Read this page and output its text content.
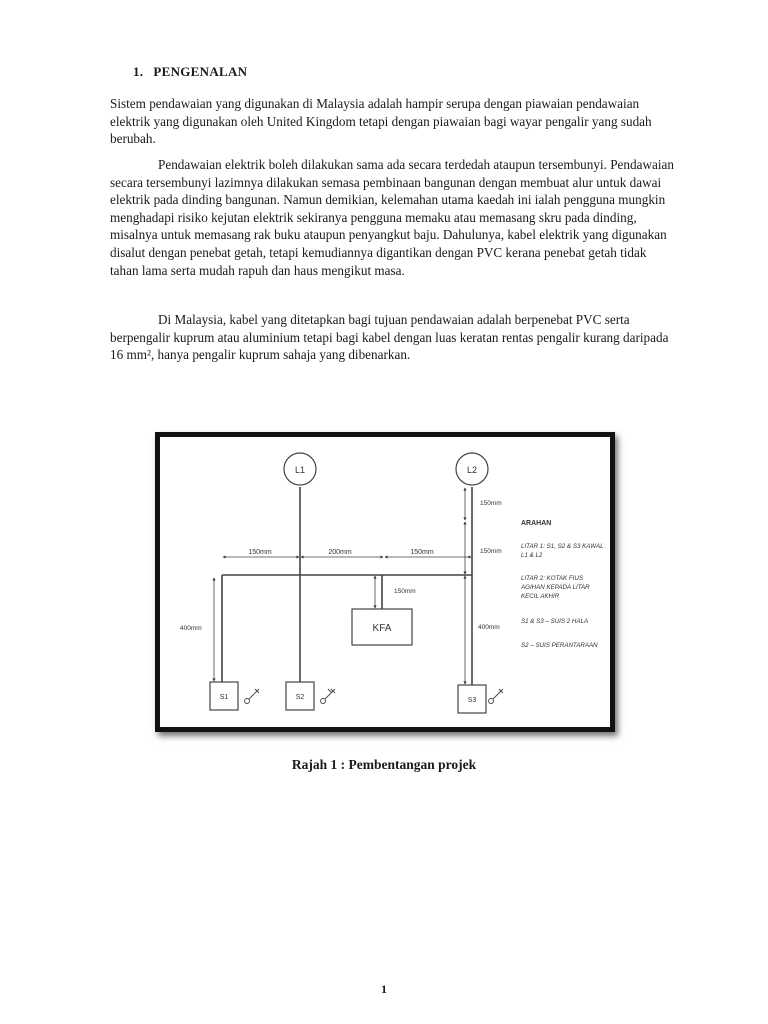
1. PENGENALAN

Sistem pendawaian yang digunakan di Malaysia adalah hampir serupa dengan piawaian pendawaian elektrik yang digunakan oleh United Kingdom tetapi dengan piawaian bagi wayar pengalir yang sudah berubah.

Pendawaian elektrik boleh dilakukan sama ada secara terdedah ataupun tersembunyi. Pendawaian secara tersembunyi lazimnya dilakukan semasa pembinaan bangunan dengan membuat alur untuk dawai elektrik pada dinding bangunan. Namun demikian, kelemahan utama kaedah ini ialah pengguna mungkin menghadapi risiko kejutan elektrik sekiranya pengguna memaku atau memasang skru pada dinding, misalnya untuk memasang rak buku ataupun penyangkut baju. Dahulunya, kabel elektrik yang digunakan disalut dengan penebat getah, tetapi kemudiannya digantikan dengan PVC kerana penebat getah tidak tahan lama serta mudah rapuh dan haus mengikut masa.

Di Malaysia, kabel yang ditetapkan bagi tujuan pendawaian adalah berpenebat PVC serta berpengalir kuprum atau aluminium tetapi bagi kabel dengan luas keratan rentas pengalir kurang daripada 16 mm², hanya pengalir kuprum sahaja yang dibenarkan.

L1	L2
150mm	200mm	150mm
150mm
400mm
150mm
150mm
400mm
KFA
S1	S2	S3
ARAHAN
LITAR 1: S1, S2 & S3 KAWAL
L1 & L2
LITAR 2: KOTAK FIUS
AGIHAN KEPADA LITAR
KECIL AKHIR
S1 & S3 – SUIS 2 HALA
S2 – SUIS PERANTARAAN
Rajah 1 : Pembentangan projek
1
